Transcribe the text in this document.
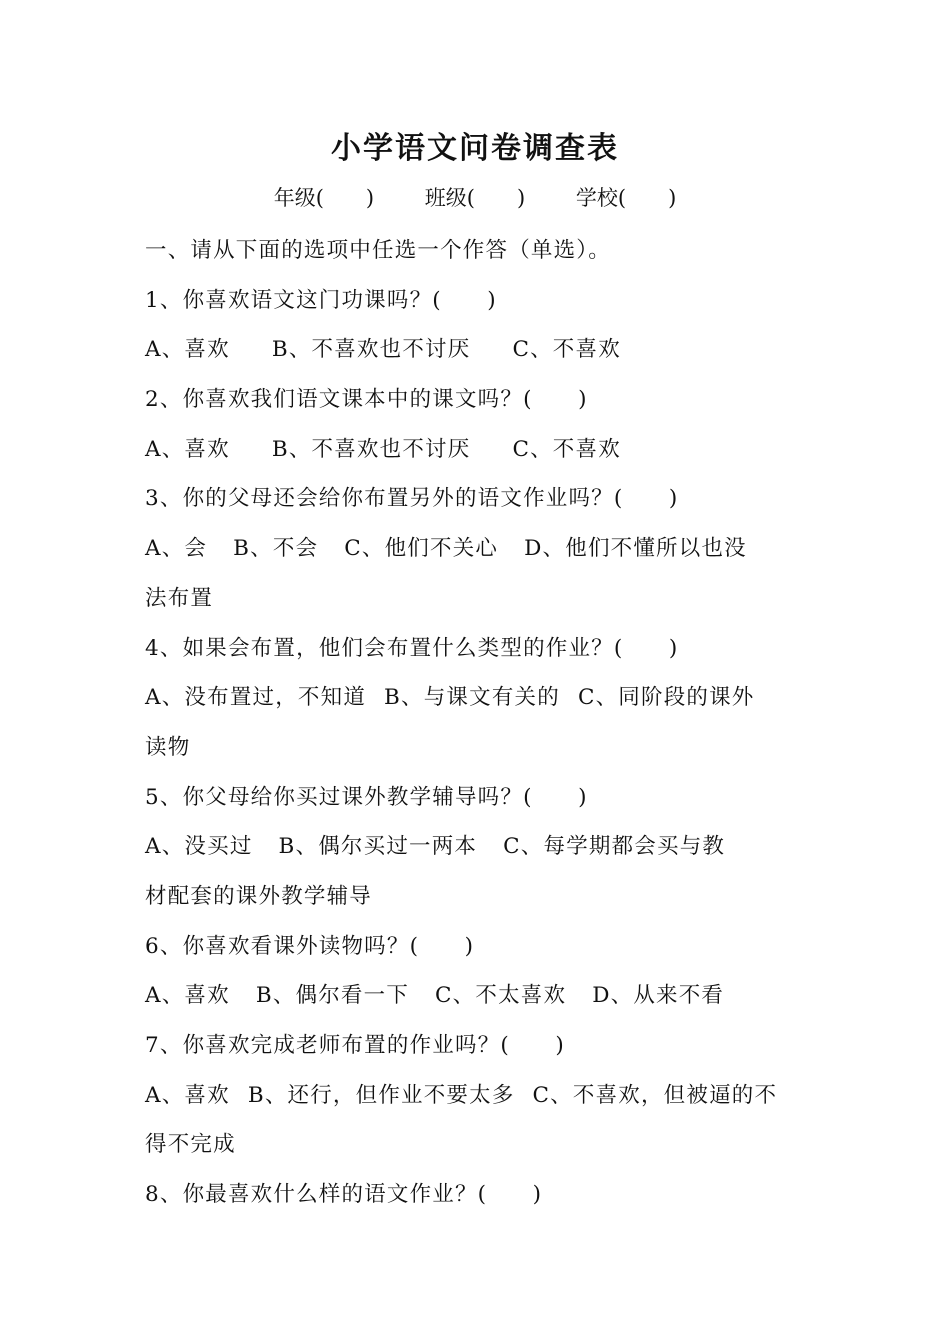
小学语文问卷调查表
年级(　　) 班级(　　) 学校(　　)
一、请从下面的选项中任选一个作答（单选）。
1、你喜欢语文这门功课吗？(　　)
A、喜欢 B、不喜欢也不讨厌 C、不喜欢
2、你喜欢我们语文课本中的课文吗？(　　)
A、喜欢 B、不喜欢也不讨厌 C、不喜欢
3、你的父母还会给你布置另外的语文作业吗？(　　)
A、会 B、不会 C、他们不关心 D、他们不懂所以也没
法布置
4、如果会布置，他们会布置什么类型的作业？(　　)
A、没布置过，不知道 B、与课文有关的 C、同阶段的课外
读物
5、你父母给你买过课外教学辅导吗？(　　)
A、没买过 B、偶尔买过一两本 C、每学期都会买与教
材配套的课外教学辅导
6、你喜欢看课外读物吗？(　　)
A、喜欢 B、偶尔看一下 C、不太喜欢 D、从来不看
7、你喜欢完成老师布置的作业吗？(　　)
A、喜欢 B、还行，但作业不要太多 C、不喜欢，但被逼的不
得不完成
8、你最喜欢什么样的语文作业？(　　)
